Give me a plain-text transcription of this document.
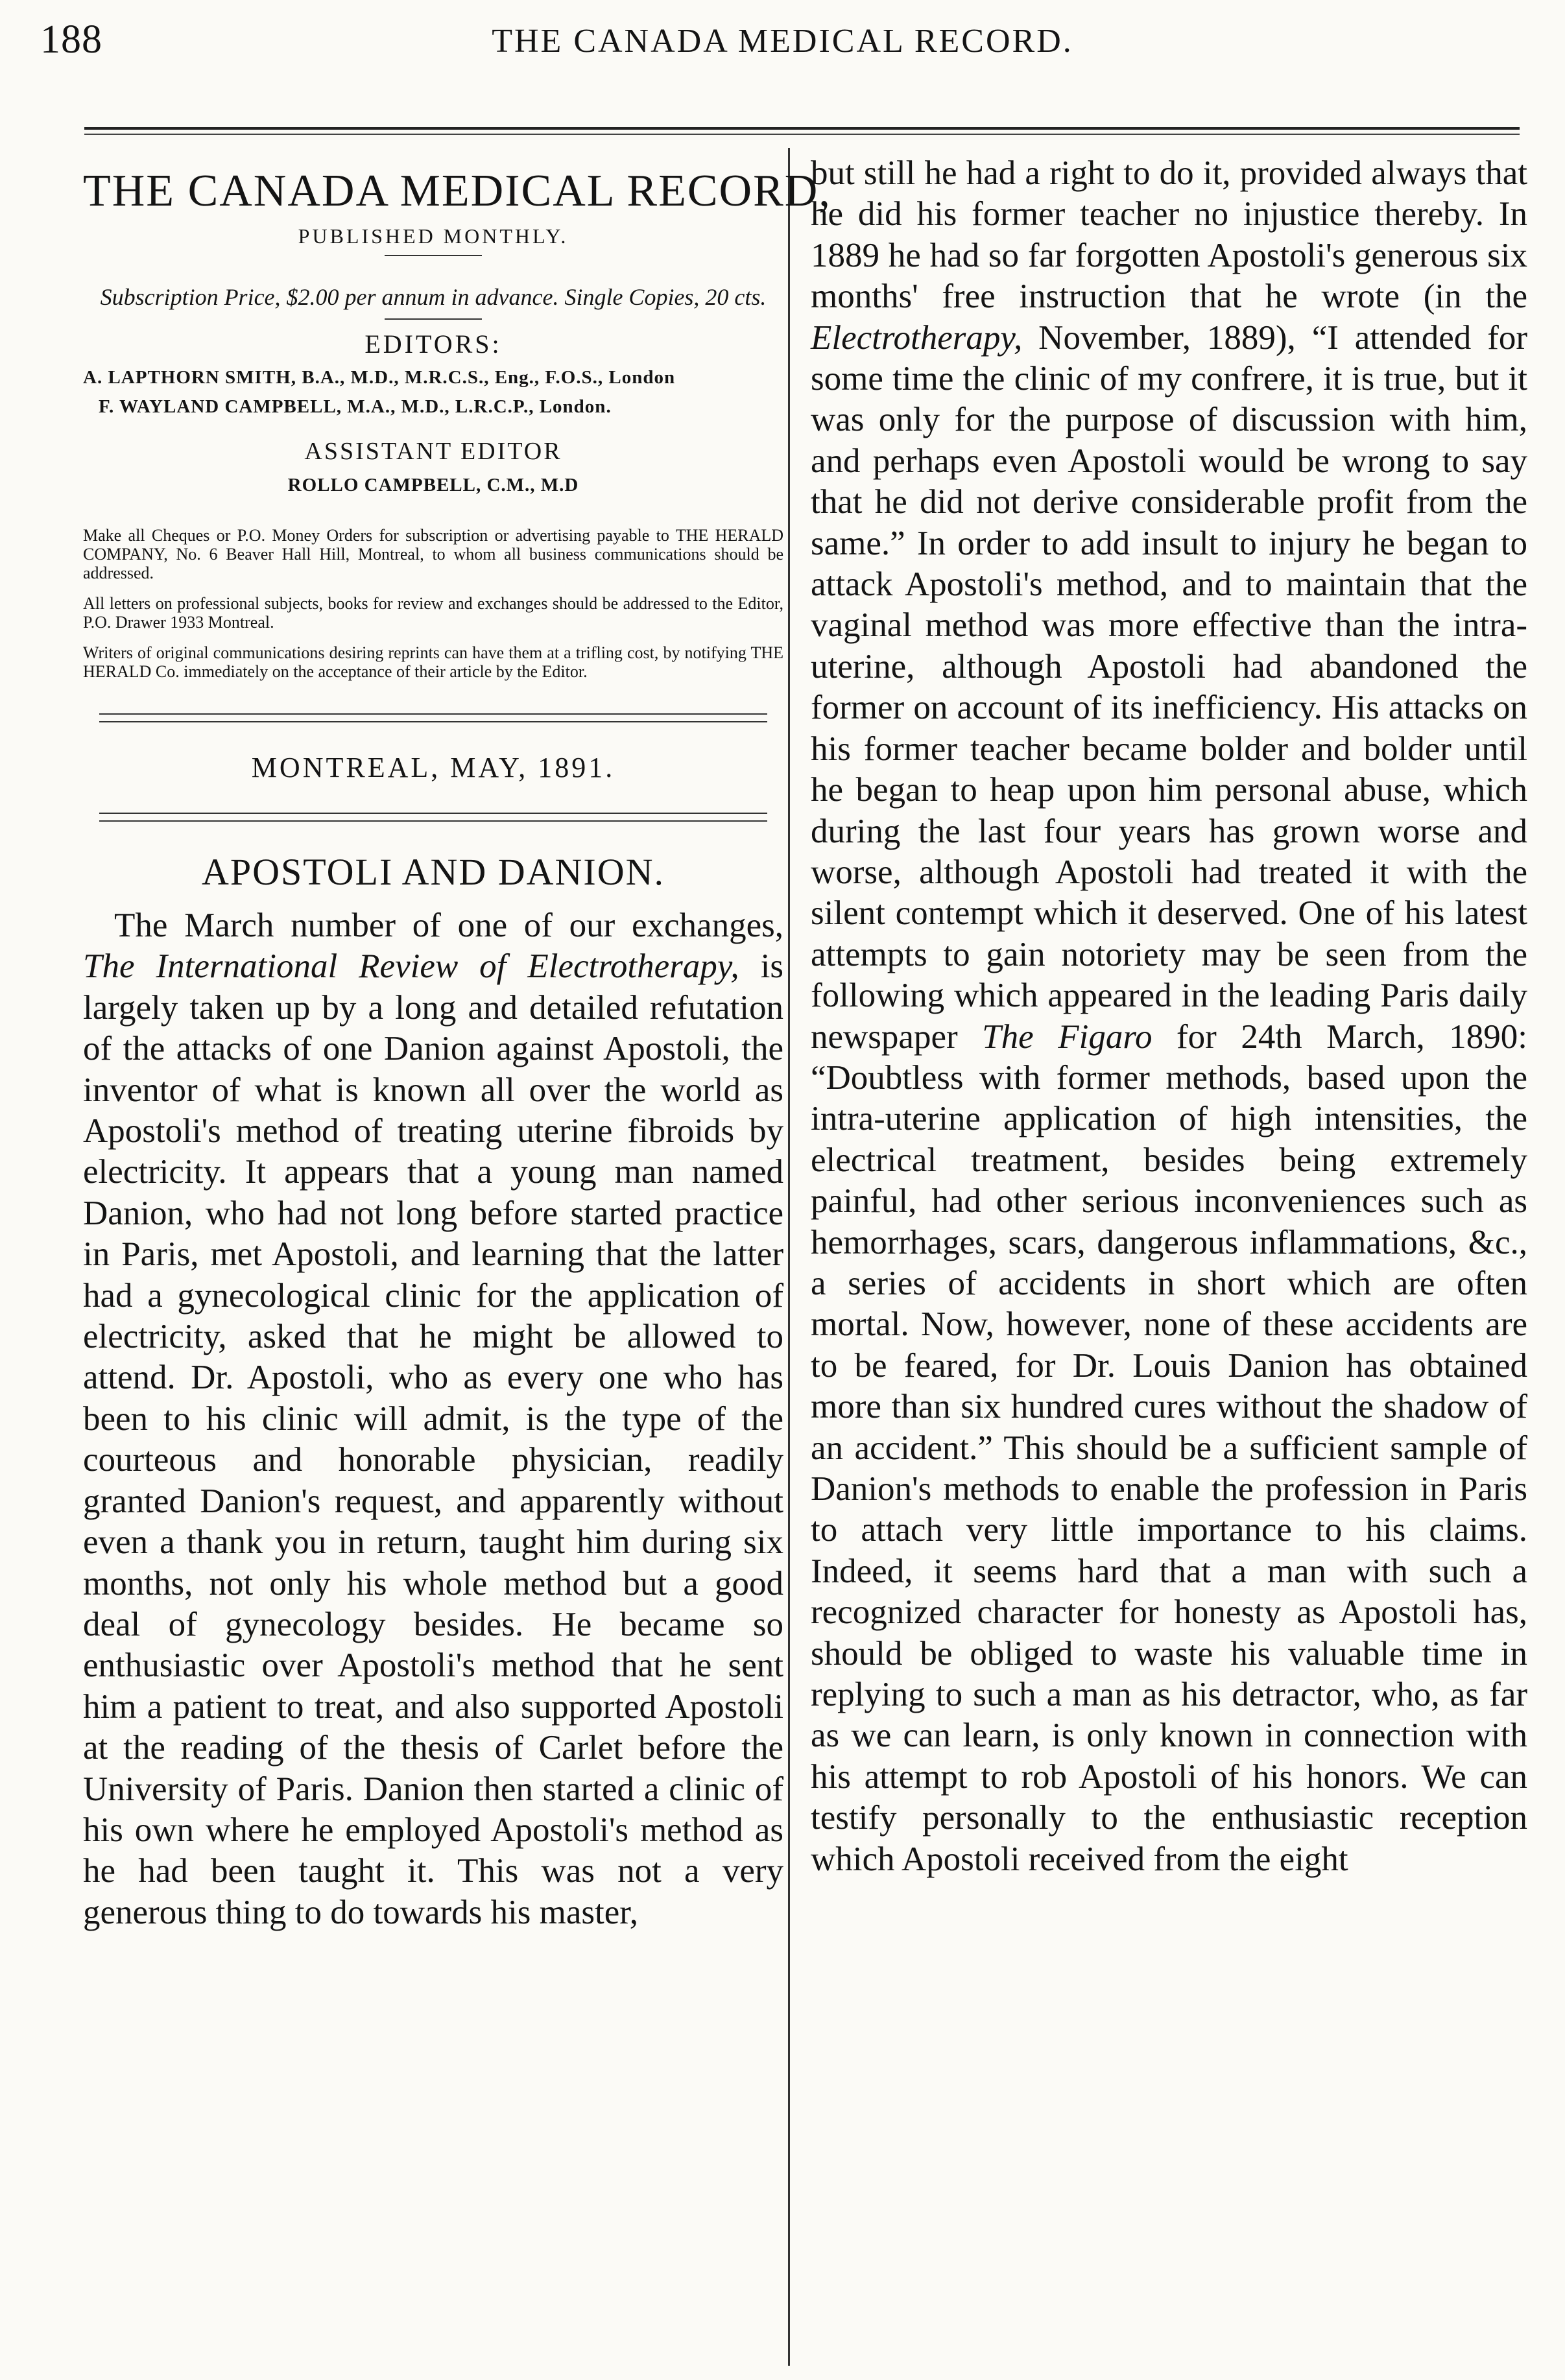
188	THE CANADA MEDICAL RECORD.
THE CANADA MEDICAL RECORD,
PUBLISHED MONTHLY.
Subscription Price, $2.00 per annum in advance. Single Copies, 20 cts.
EDITORS:
A. LAPTHORN SMITH, B.A., M.D., M.R.C.S., Eng., F.O.S., London
F. WAYLAND CAMPBELL, M.A., M.D., L.R.C.P., London.
ASSISTANT EDITOR
ROLLO CAMPBELL, C.M., M.D
Make all Cheques or P.O. Money Orders for subscription or advertising payable to THE HERALD COMPANY, No. 6 Beaver Hall Hill, Montreal, to whom all business communications should be addressed.
All letters on professional subjects, books for review and exchanges should be addressed to the Editor, P.O. Drawer 1933 Montreal.
Writers of original communications desiring reprints can have them at a trifling cost, by notifying THE HERALD Co. immediately on the acceptance of their article by the Editor.
MONTREAL, MAY, 1891.
APOSTOLI AND DANION.

The March number of one of our exchanges, The International Review of Electrotherapy, is largely taken up by a long and detailed refutation of the attacks of one Danion against Apostoli, the inventor of what is known all over the world as Apostoli's method of treating uterine fibroids by electricity. It appears that a young man named Danion, who had not long before started practice in Paris, met Apostoli, and learning that the latter had a gynecological clinic for the application of electricity, asked that he might be allowed to attend. Dr. Apostoli, who as every one who has been to his clinic will admit, is the type of the courteous and honorable physician, readily granted Danion's request, and apparently without even a thank you in return, taught him during six months, not only his whole method but a good deal of gynecology besides. He became so enthusiastic over Apostoli's method that he sent him a patient to treat, and also supported Apostoli at the reading of the thesis of Carlet before the University of Paris. Danion then started a clinic of his own where he employed Apostoli's method as he had been taught it. This was not a very generous thing to do towards his master,

but still he had a right to do it, provided always that he did his former teacher no injustice thereby. In 1889 he had so far forgotten Apostoli's generous six months' free instruction that he wrote (in the Electrotherapy, November, 1889), “I attended for some time the clinic of my confrere, it is true, but it was only for the purpose of discussion with him, and perhaps even Apostoli would be wrong to say that he did not derive considerable profit from the same.” In order to add insult to injury he began to attack Apostoli's method, and to maintain that the vaginal method was more effective than the intra-uterine, although Apostoli had abandoned the former on account of its inefficiency. His attacks on his former teacher became bolder and bolder until he began to heap upon him personal abuse, which during the last four years has grown worse and worse, although Apostoli had treated it with the silent contempt which it deserved. One of his latest attempts to gain notoriety may be seen from the following which appeared in the leading Paris daily newspaper The Figaro for 24th March, 1890: “Doubtless with former methods, based upon the intra-uterine application of high intensities, the electrical treatment, besides being extremely painful, had other serious inconveniences such as hemorrhages, scars, dangerous inflammations, &c., a series of accidents in short which are often mortal. Now, however, none of these accidents are to be feared, for Dr. Louis Danion has obtained more than six hundred cures without the shadow of an accident.” This should be a sufficient sample of Danion's methods to enable the profession in Paris to attach very little importance to his claims. Indeed, it seems hard that a man with such a recognized character for honesty as Apostoli has, should be obliged to waste his valuable time in replying to such a man as his detractor, who, as far as we can learn, is only known in connection with his attempt to rob Apostoli of his honors. We can testify personally to the enthusiastic reception which Apostoli received from the eight
